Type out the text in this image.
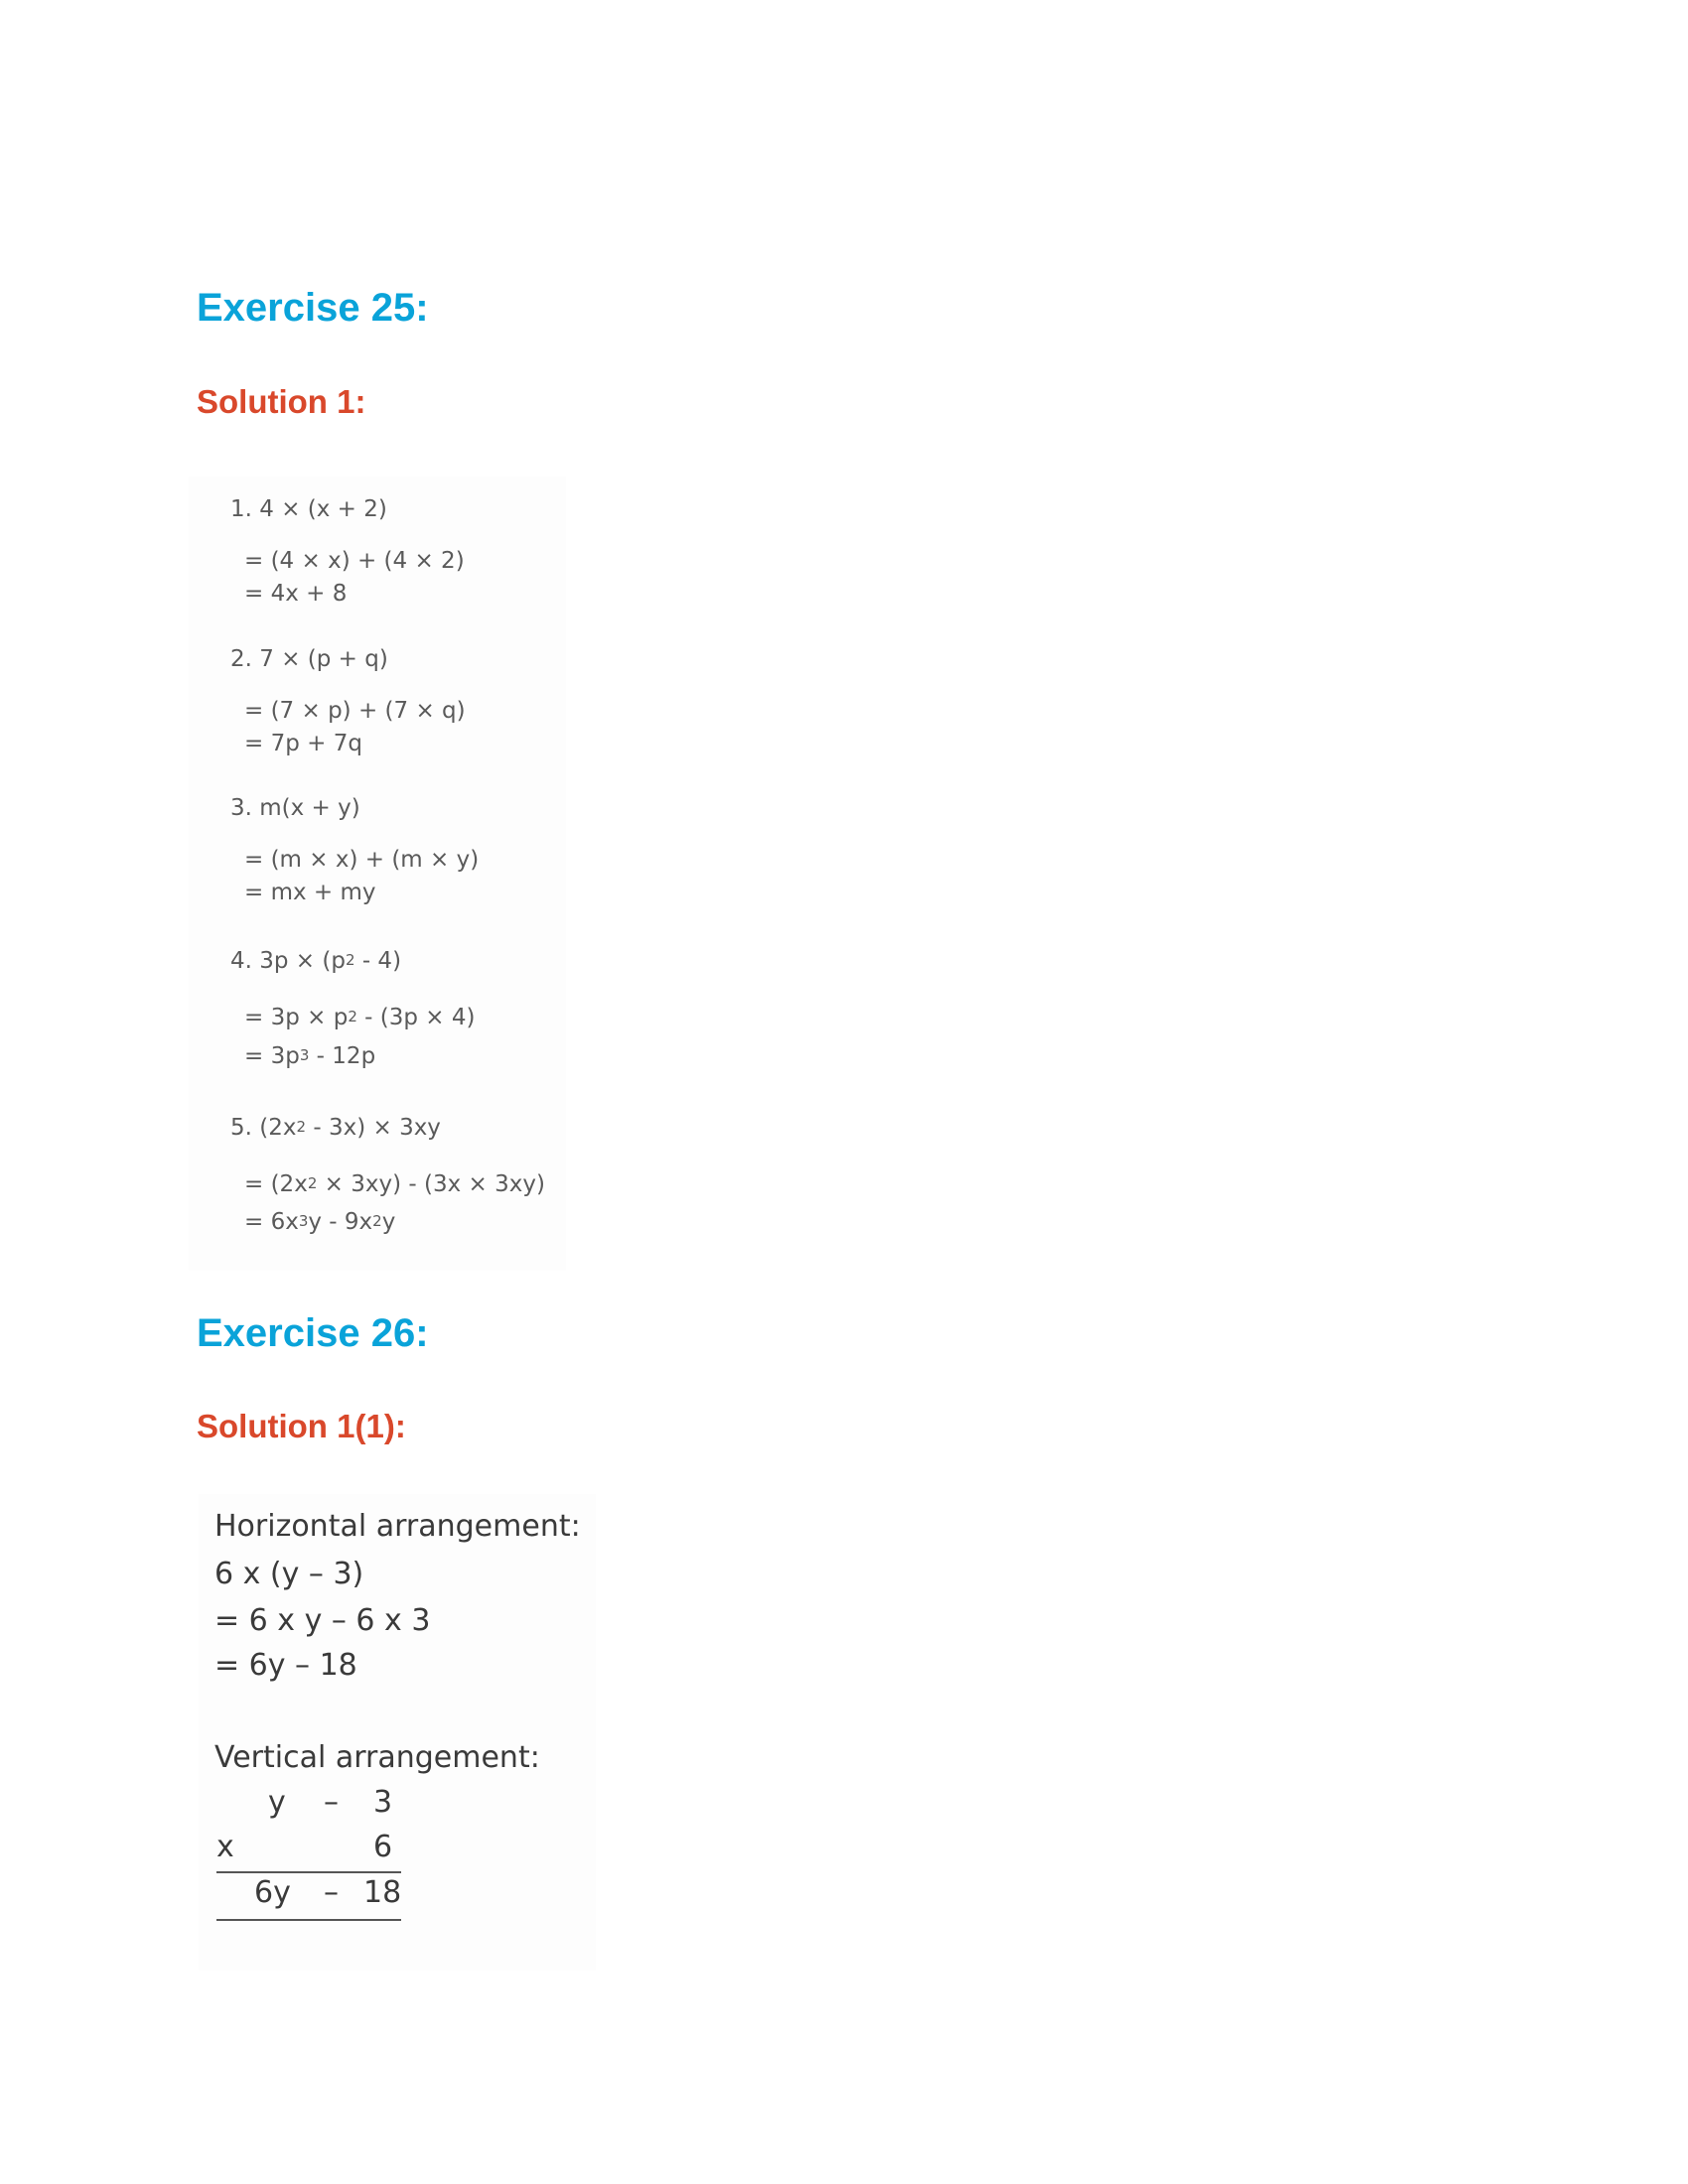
Exercise 25:
Solution 1:
1. 4 × (x + 2)
= (4 × x) + (4 × 2)
= 4x + 8
2. 7 × (p + q)
= (7 × p) + (7 × q)
= 7p + 7q
3. m(x + y)
= (m × x) + (m × y)
= mx + my
4. $3p \times (p^2 - 4)$
= $3p \times p^2 - (3p \times 4)$
= $3p^3 - 12p$
5. $(2x^2 - 3x) \times 3xy$
= $(2x^2 \times 3xy) - (3x \times 3xy)$
= $6x^3y - 9x^2y$
Exercise 26:
Solution 1(1):
Horizontal arrangement:
6 x (y – 3)
= 6 x y – 6 x 3
= 6y – 18
Vertical arrangement:
y – 3
x	6
6y – 18
